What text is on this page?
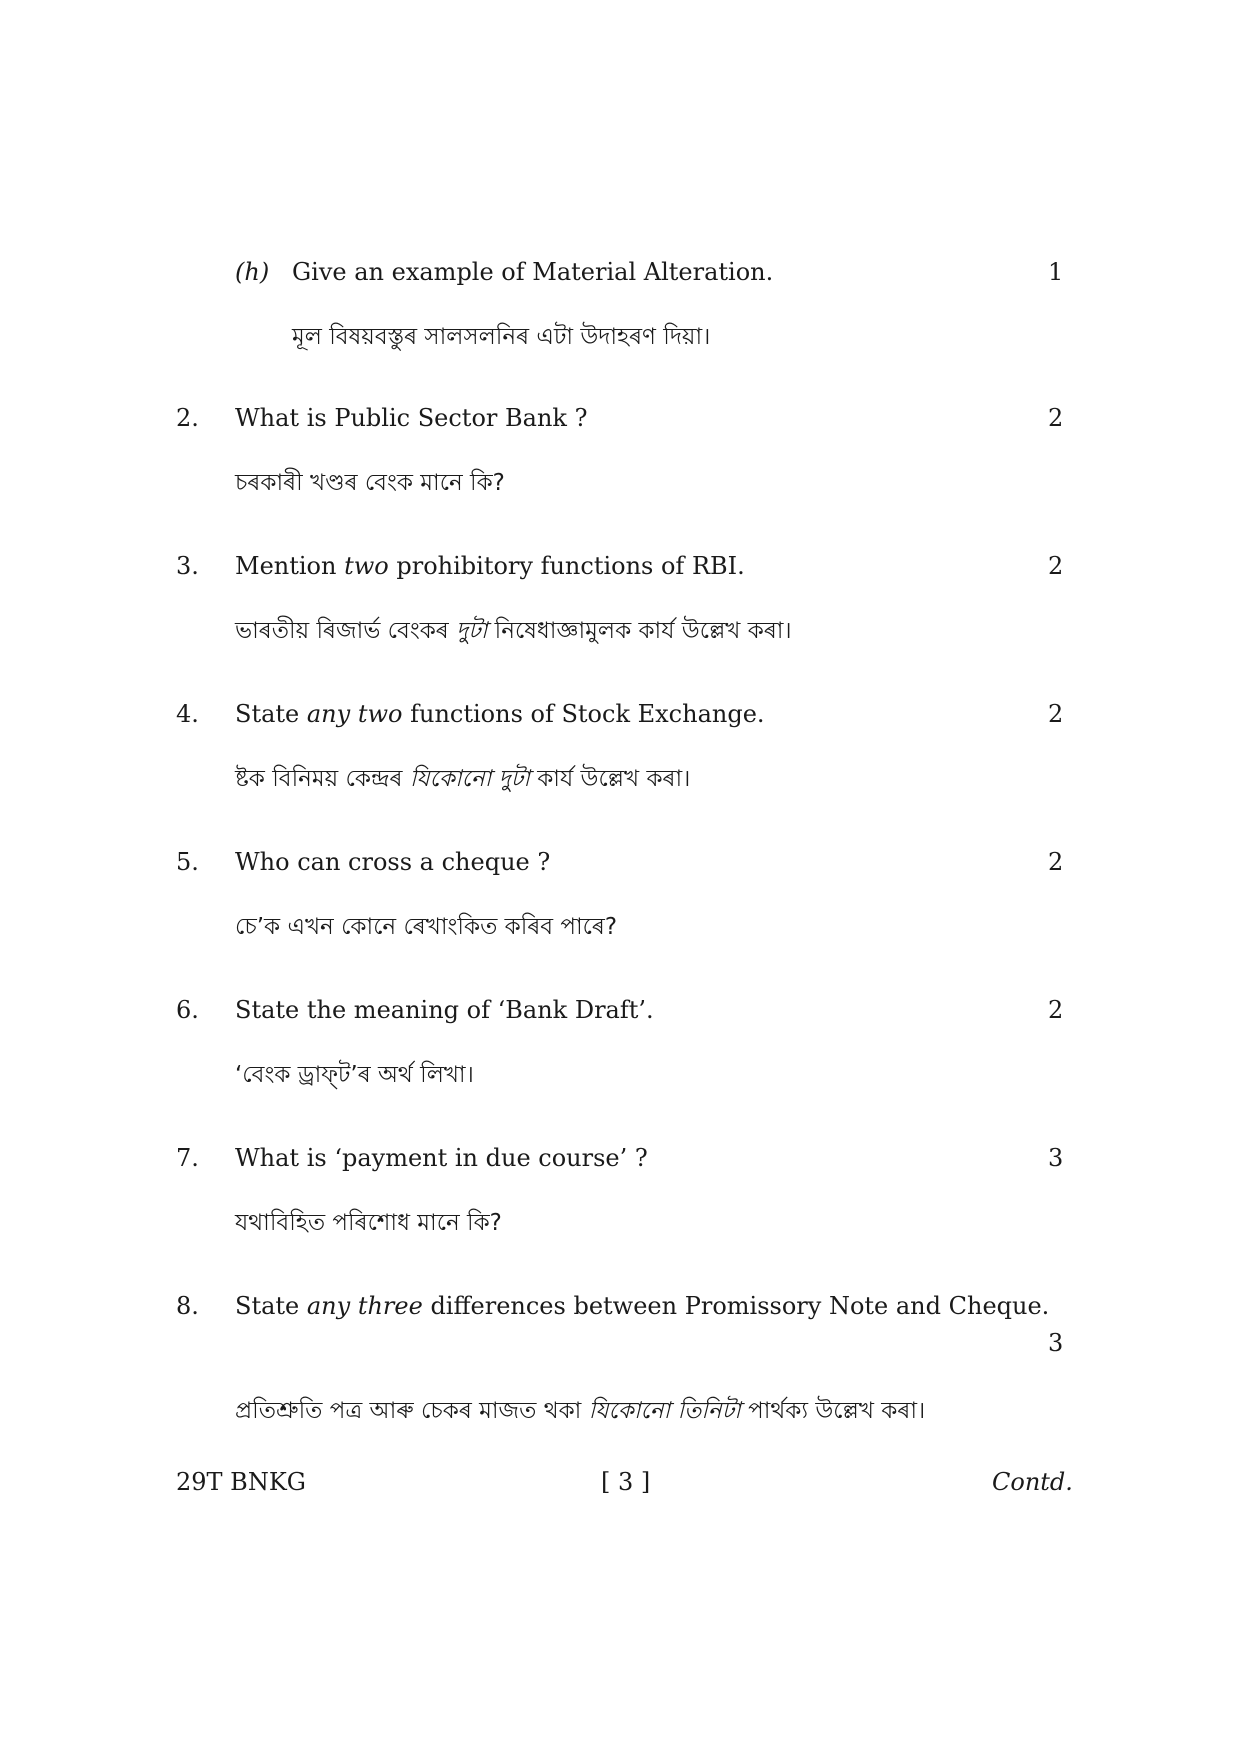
(h) Give an example of Material Alteration.
মূল বিষয়বস্তুৰ সালসলনিৰ এটা উদাহৰণ দিয়া।
1
2. What is Public Sector Bank ?
চৰকাৰী খণ্ডৰ বেংক মানে কি?
2
3. Mention two prohibitory functions of RBI.
ভাৰতীয় ৰিজাৰ্ভ বেংকৰ দুটা নিষেধাজ্ঞামুলক কাৰ্য উল্লেখ কৰা।
2
4. State any two functions of Stock Exchange.
ষ্টক বিনিময় কেন্দ্ৰৰ যিকোনো দুটা কাৰ্য উল্লেখ কৰা।
2
5. Who can cross a cheque ?
চে’ক এখন কোনে ৰেখাংকিত কৰিব পাৰে?
2
6. State the meaning of ‘Bank Draft’.
‘বেংক ড্ৰাফ্‌ট’ৰ অৰ্থ লিখা।
2
7. What is ‘payment in due course’ ?
যথাবিহিত পৰিশোধ মানে কি?
3
8. State any three differences between Promissory Note and Cheque.
3
প্ৰতিশ্ৰুতি পত্ৰ আৰু চেকৰ মাজত থকা যিকোনো তিনিটা পাৰ্থক্য উল্লেখ কৰা।
29T BNKG	[ 3 ]	Contd.
